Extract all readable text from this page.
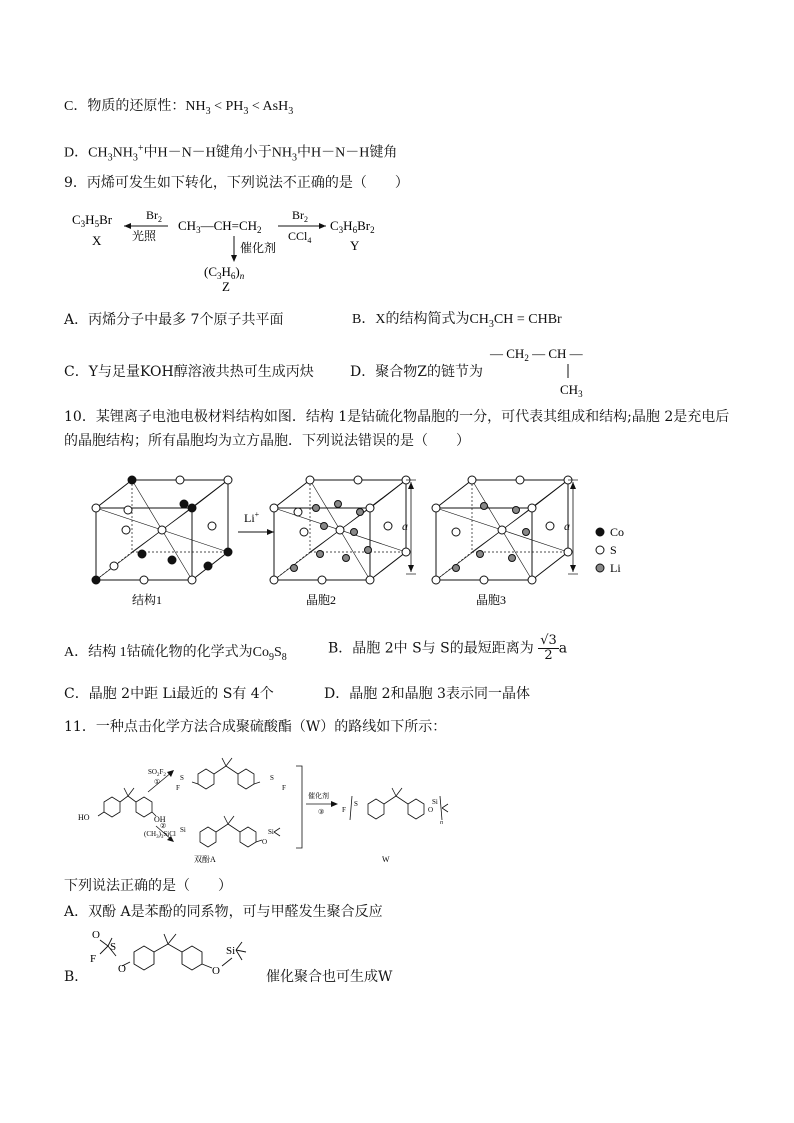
C．物质的还原性：$NH_3 < PH_3 < AsH_3$
D．$CH_3NH_3^+$中H－N－H键角小于$NH_3$中H－N－H键角
9．丙烯可发生如下转化，下列说法不正确的是（　　）
$C_3H_5Br$
X
$Br_2$
光照
$CH_3—CH=CH_2$
$Br_2$
CCl$_4$
$C_3H_6Br_2$
Y
催化剂
$(C_3H_6)_n$
Z
A．丙烯分子中最多 7个原子共平面	B．X的结构简式为$CH_3CH$ = CHBr
C．Y与足量KOH醇溶液共热可生成丙炔	D．聚合物Z的链节为
— $CH_2$ — CH —
$CH_3$
10．某锂离子电池电极材料结构如图．结构 1是钴硫化物晶胞的一分，可代表其组成和结构;晶胞 2是充电后
的晶胞结构；所有晶胞均为立方晶胞．下列说法错误的是（　　）
Li+
a	a	Co
S
Li
结构1	晶胞2	晶胞3
A．结构 1钴硫化物的化学式为$Co_9S_8$
B．晶胞 2中 S与 S的最短距离为 $\frac{√3}{2}$ a
C．晶胞 2中距 Li最近的 S有 4个	D．晶胞 2和晶胞 3表示同一晶体
11．一种点击化学方法合成聚硫酸酯（W）的路线如下所示：
HO	OH
$SO_2F_2$
①
$(CH_3)_3SiCl$
②
S
F
S
F
Si
O
Si
催化剂
③	F
S
O
Si
n
双酚A	W
下列说法正确的是（　　）
A．双酚 A是苯酚的同系物，可与甲醛发生聚合反应
B．
O
S
F
O	O
Si
催化聚合也可生成W
